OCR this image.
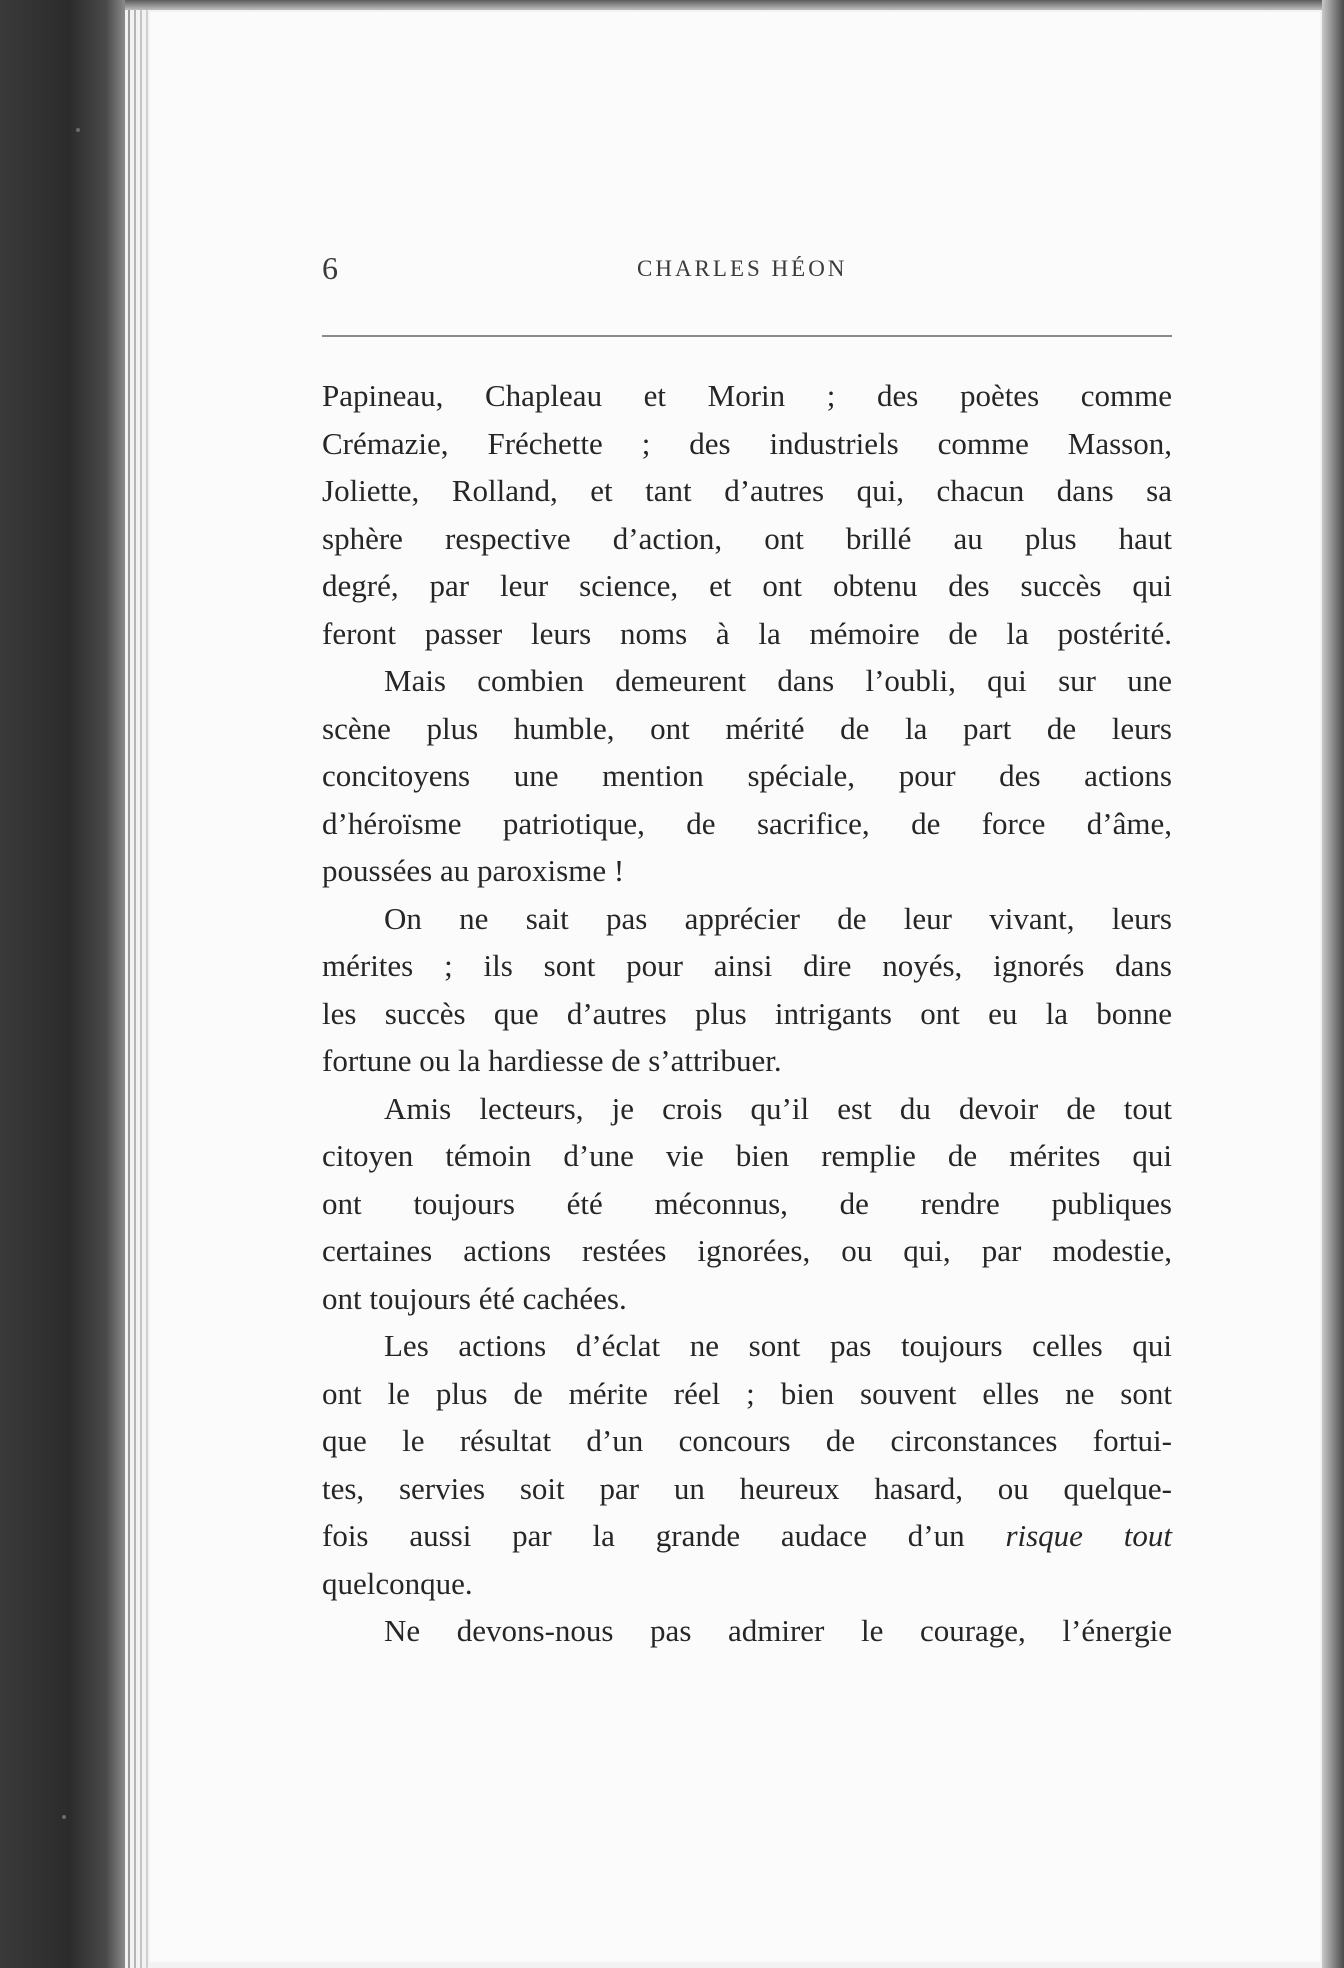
6	CHARLES HÉON

Papineau, Chapleau et Morin ; des poètes comme
Crémazie, Fréchette ; des industriels comme Masson,
Joliette, Rolland, et tant d’autres qui, chacun dans sa
sphère respective d’action, ont brillé au plus haut
degré, par leur science, et ont obtenu des succès qui
feront passer leurs noms à la mémoire de la postérité.

Mais combien demeurent dans l’oubli, qui sur une
scène plus humble, ont mérité de la part de leurs
concitoyens une mention spéciale, pour des actions
d’héroïsme patriotique, de sacrifice, de force d’âme,
poussées au paroxisme !

On ne sait pas apprécier de leur vivant, leurs
mérites ; ils sont pour ainsi dire noyés, ignorés dans
les succès que d’autres plus intrigants ont eu la bonne
fortune ou la hardiesse de s’attribuer.

Amis lecteurs, je crois qu’il est du devoir de tout
citoyen témoin d’une vie bien remplie de mérites qui
ont toujours été méconnus, de rendre publiques
certaines actions restées ignorées, ou qui, par modestie,
ont toujours été cachées.

Les actions d’éclat ne sont pas toujours celles qui
ont le plus de mérite réel ; bien souvent elles ne sont
que le résultat d’un concours de circonstances fortui-
tes, servies soit par un heureux hasard, ou quelque-
fois aussi par la grande audace d’un risque tout
quelconque.

Ne devons-nous pas admirer le courage, l’énergie
